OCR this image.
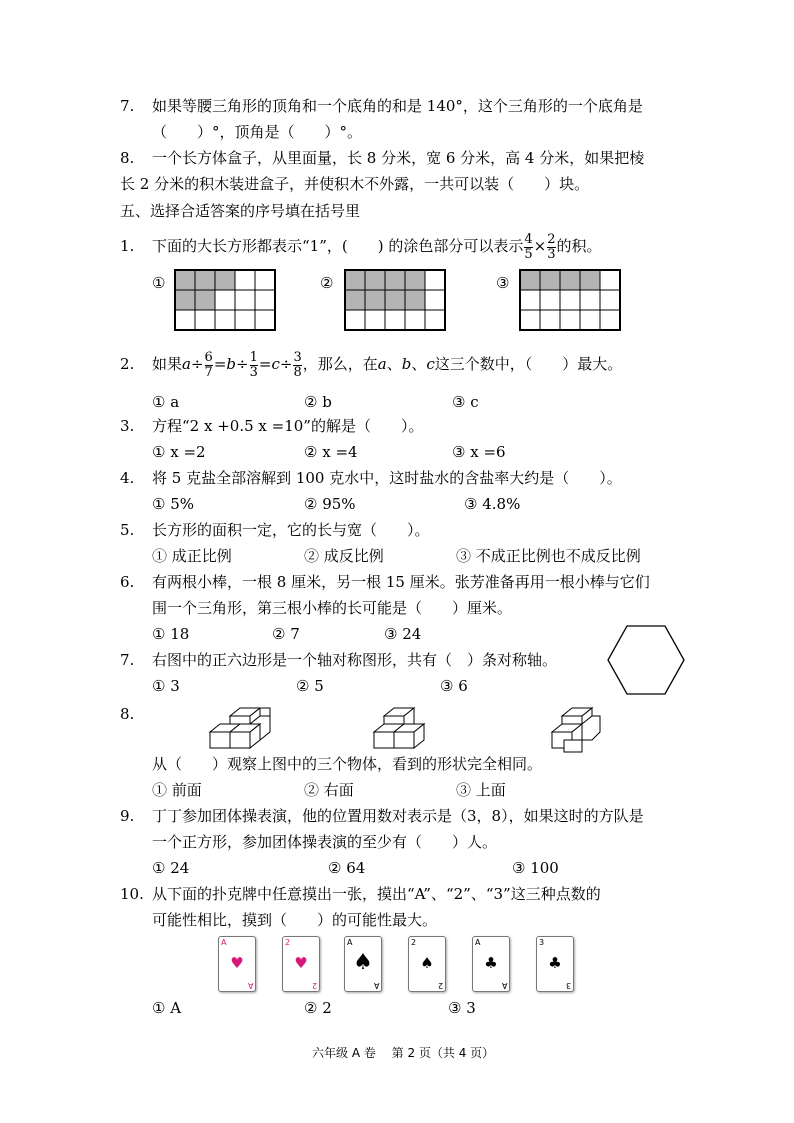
7. 如果等腰三角形的顶角和一个底角的和是 140°，这个三角形的一个底角是
（　　）°，顶角是（　　）°。
8. 一个长方体盒子，从里面量，长 8 分米，宽 6 分米，高 4 分米，如果把棱
长 2 分米的积木装进盒子，并使积木不外露，一共可以装（　　）块。
五、选择合适答案的序号填在括号里
1. 下面的大长方形都表示“1”，(　　) 的涂色部分可以表示 $\frac{4}{5} \times \frac{2}{3}$ 的积。
①	②	③
2. 如果$a\div \frac{6}{7} =b\div \frac{1}{3} =c\div \frac{3}{8}$ ，那么，在a、b、c这三个数中，（　　）最大。
① a	② b	③ c
3. 方程“2 x +0.5 x =10”的解是（　　）。
① x =2	② x =4	③ x =6
4. 将 5 克盐全部溶解到 100 克水中，这时盐水的含盐率大约是（　　）。
① 5%	② 95%	③ 4.8%
5. 长方形的面积一定，它的长与宽（　　）。
① 成正比例	② 成反比例	③ 不成正比例也不成反比例
6. 有两根小棒，一根 8 厘米，另一根 15 厘米。张芳准备再用一根小棒与它们
围一个三角形，第三根小棒的长可能是（　　）厘米。
① 18	② 7	③ 24
7. 右图中的正六边形是一个轴对称图形，共有（　）条对称轴。
① 3	② 5	③ 6
8.
从（　　）观察上图中的三个物体，看到的形状完全相同。
① 前面	② 右面	③ 上面
9. 丁丁参加团体操表演，他的位置用数对表示是（3，8），如果这时的方队是
一个正方形，参加团体操表演的至少有（　　）人。
① 24	② 64	③ 100
10. 从下面的扑克牌中任意摸出一张，摸出“A”、“2”、“3”这三种点数的
可能性相比，摸到（　　）的可能性最大。
A
♥
A
2
♥
2
A
♠
A
2
♠
2
A
♣
A
3
♣
3
① A	② 2	③ 3
六年级 A 卷　 第 2 页（共 4 页）
